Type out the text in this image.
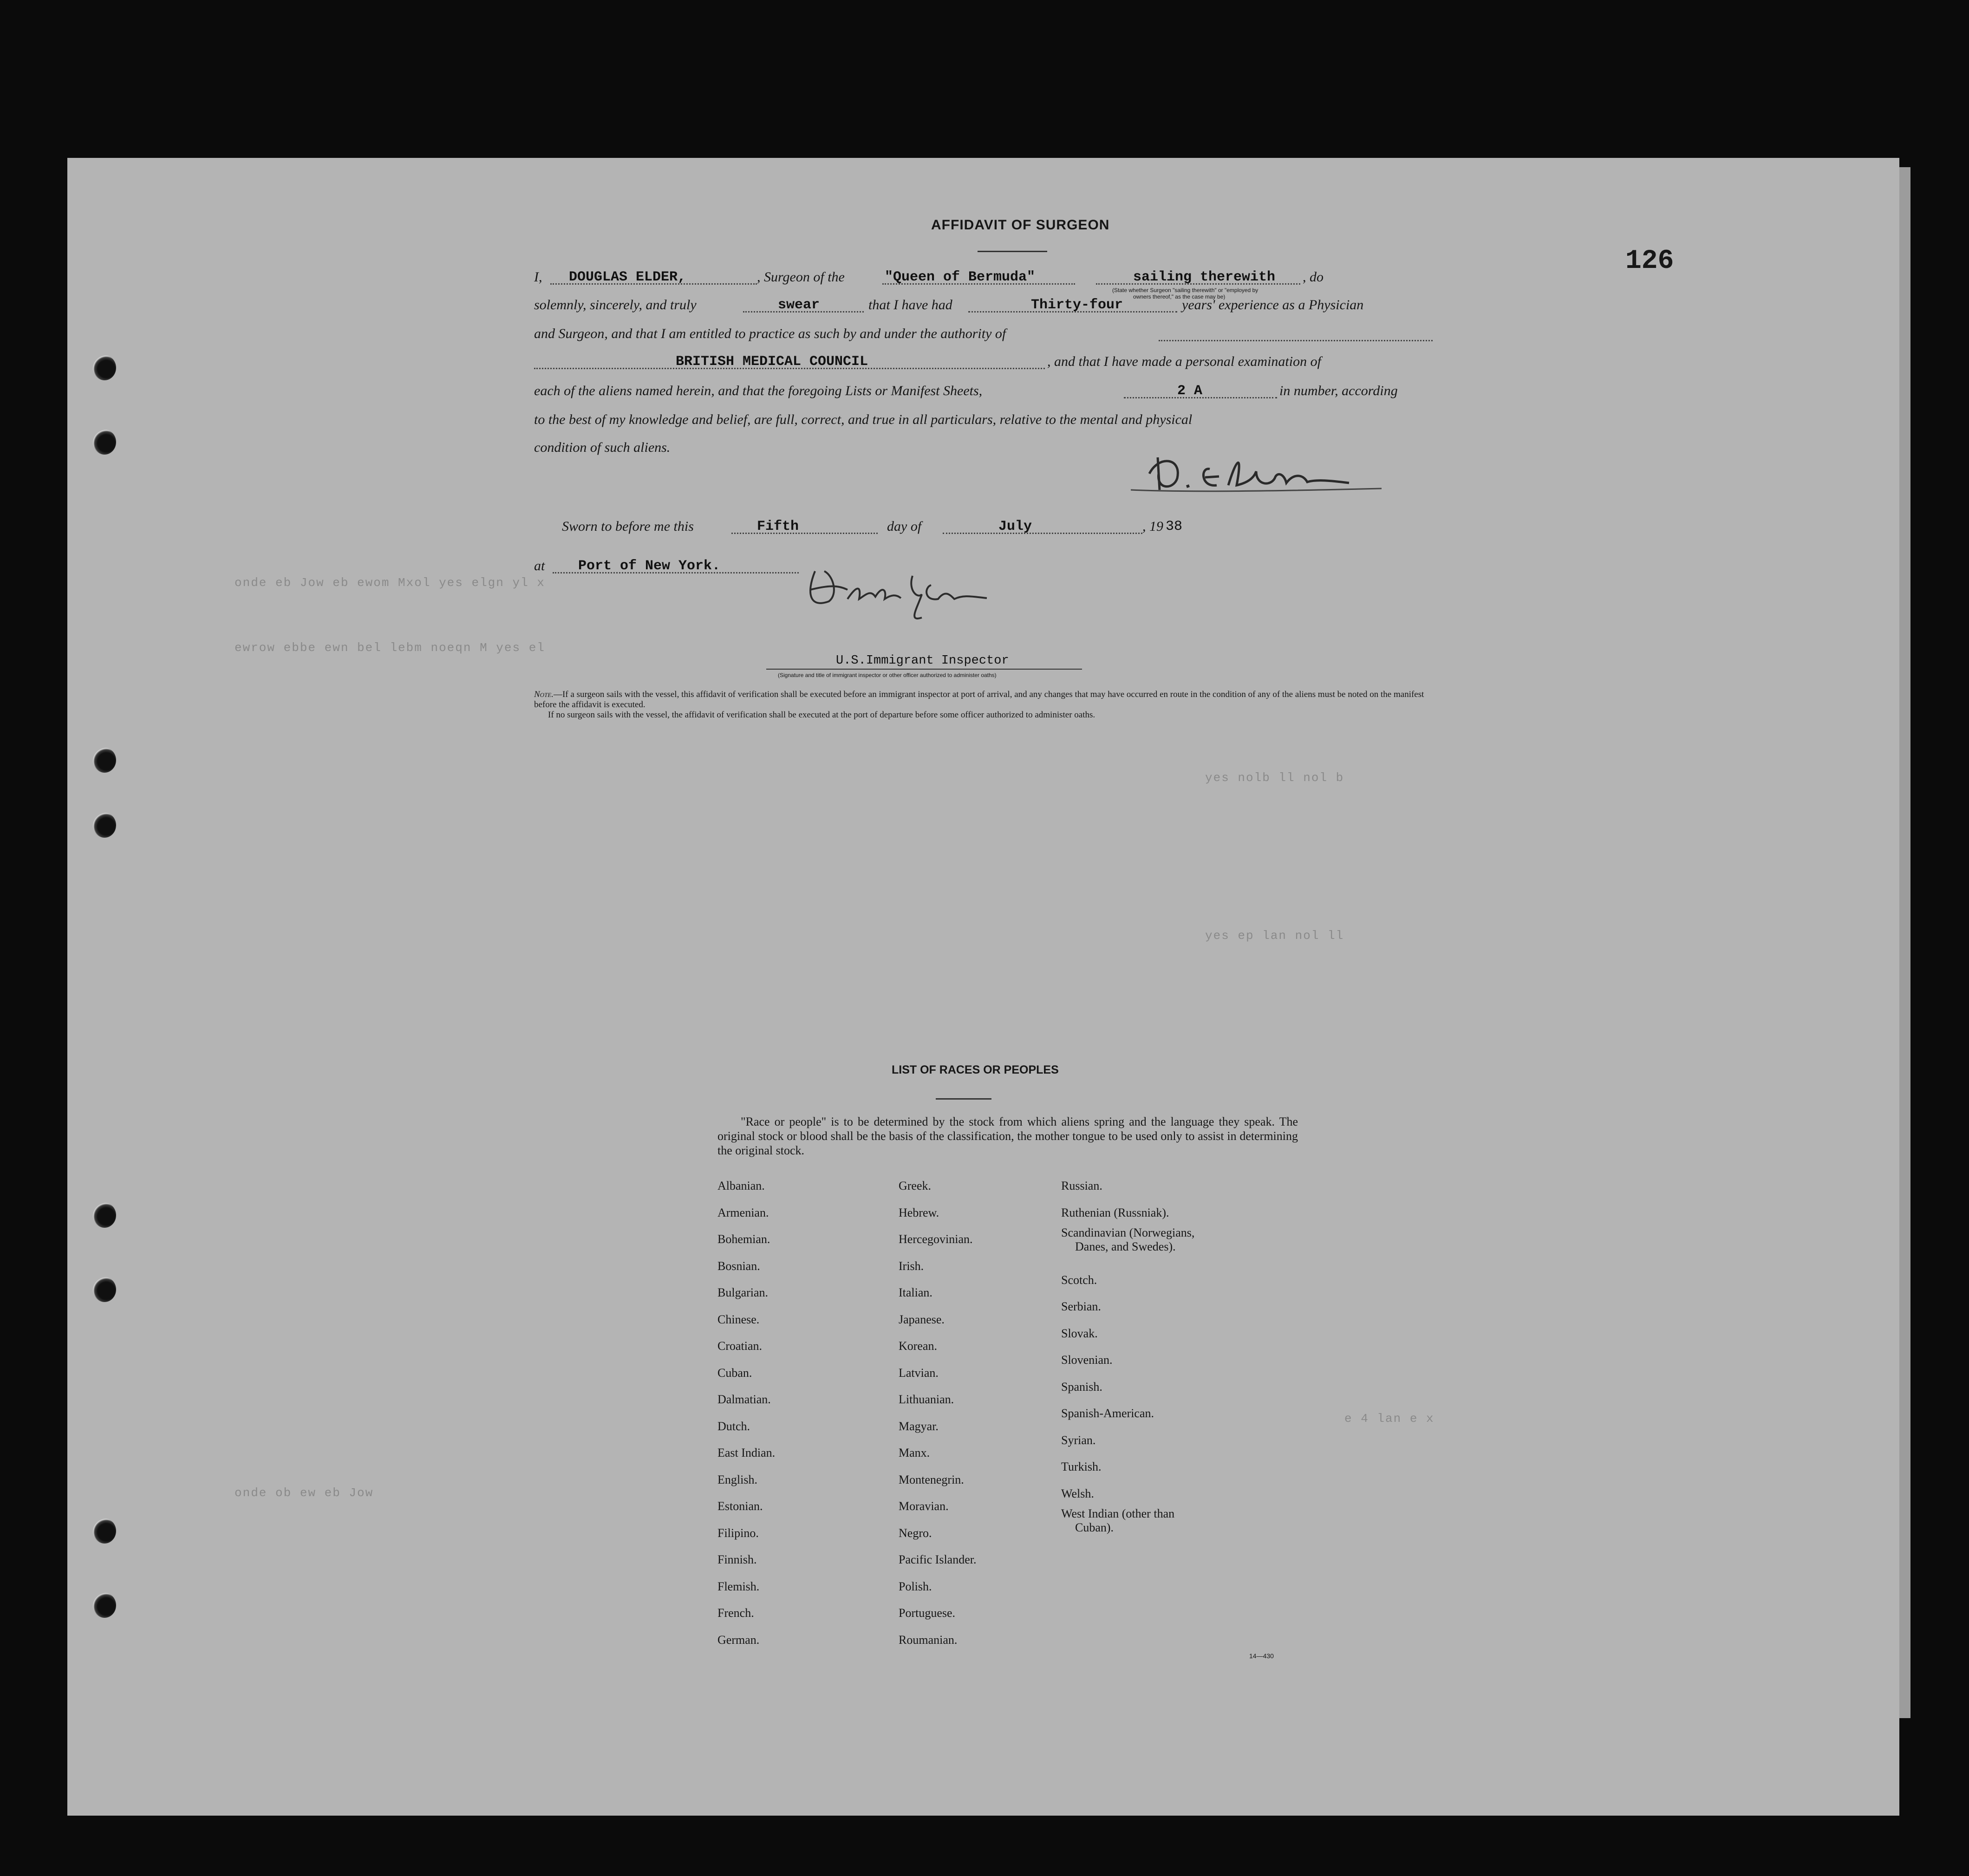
onde eb Jow eb ewom Mxol yes elgn yl x
ewrow ebbe ewn bel lebm noeqn M yes el
yes nolb ll nol b
yes ep lan nol ll
e 4 lan e x
onde ob ew eb Jow
126
AFFIDAVIT OF SURGEON
I, DOUGLAS ELDER,	, Surgeon of the	"Queen of Bermuda"	sailing therewith , do
(State whether Surgeon "sailing therewith" or "employed by
owners thereof," as the case may be)
solemnly, sincerely, and truly	swear	that I have had	Thirty-four	years' experience as a Physician
and Surgeon, and that I am entitled to practice as such by and under the authority of
BRITISH MEDICAL COUNCIL	, and that I have made a personal examination of
each of the aliens named herein, and that the foregoing Lists or Manifest Sheets,	2 A	in number, according
to the best of my knowledge and belief, are full, correct, and true in all particulars, relative to the mental and physical
condition of such aliens.
Sworn to before me this	Fifth	day of	July	, 19 38
at Port of New York.
U.S.Immigrant Inspector
(Signature and title of immigrant inspector or other officer authorized to administer oaths)

Note.—If a surgeon sails with the vessel, this affidavit of verification shall be executed before an immigrant inspector at port of arrival, and any changes that may have occurred en route in the condition of any of the aliens must be noted on the manifest before the affidavit is executed.

If no surgeon sails with the vessel, the affidavit of verification shall be executed at the port of departure before some officer authorized to administer oaths.

LIST OF RACES OR PEOPLES
"Race or people" is to be determined by the stock from which aliens spring and the language they speak. The original stock or blood shall be the basis of the classification, the mother tongue to be used only to assist in determining the original stock.
Albanian.
Armenian.
Bohemian.
Bosnian.
Bulgarian.
Chinese.
Croatian.
Cuban.
Dalmatian.
Dutch.
East Indian.
English.
Estonian.
Filipino.
Finnish.
Flemish.
French.
German.
Greek.
Hebrew.
Hercegovinian.
Irish.
Italian.
Japanese.
Korean.
Latvian.
Lithuanian.
Magyar.
Manx.
Montenegrin.
Moravian.
Negro.
Pacific Islander.
Polish.
Portuguese.
Roumanian.
Russian.
Ruthenian (Russniak).
Scandinavian (Norwegians,
Danes, and Swedes).
Scotch.
Serbian.
Slovak.
Slovenian.
Spanish.
Spanish-American.
Syrian.
Turkish.
Welsh.
West Indian (other than
Cuban).
14—430
